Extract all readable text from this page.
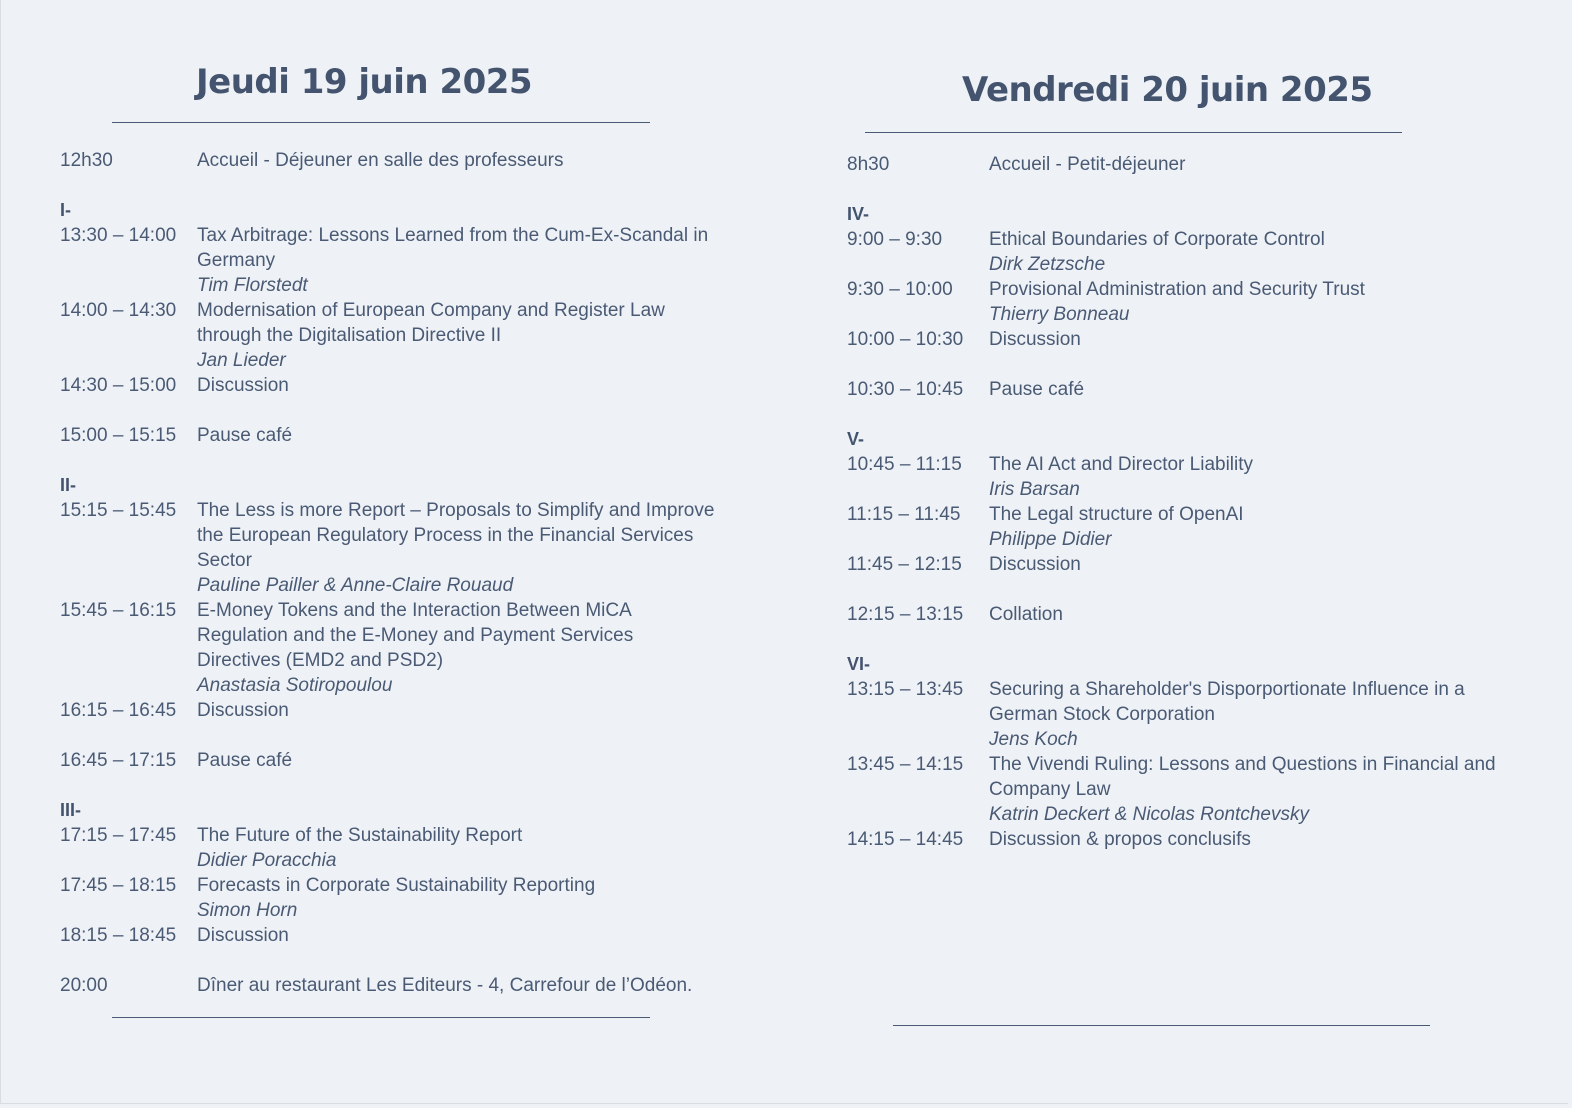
Jeudi 19 juin 2025
12h30	Accueil - Déjeuner en salle des professeurs
I-
13:30 – 14:00	Tax Arbitrage: Lessons Learned from the Cum-Ex-Scandal in Germany
Tim Florstedt
14:00 – 14:30	Modernisation of European Company and Register Law through the Digitalisation Directive II
Jan Lieder
14:30 – 15:00	Discussion
15:00 – 15:15	Pause café
II-
15:15 – 15:45	The Less is more Report – Proposals to Simplify and Improve the European Regulatory Process in the Financial Services Sector
Pauline Pailler & Anne-Claire Rouaud
15:45 – 16:15	E-Money Tokens and the Interaction Between MiCA Regulation and the E-Money and Payment Services Directives (EMD2 and PSD2)
Anastasia Sotiropoulou
16:15 – 16:45	Discussion
16:45 – 17:15	Pause café
III-
17:15 – 17:45	The Future of the Sustainability Report
Didier Poracchia
17:45 – 18:15	Forecasts in Corporate Sustainability Reporting
Simon Horn
18:15 – 18:45	Discussion
20:00	Dîner au restaurant Les Editeurs - 4, Carrefour de l’Odéon.
Vendredi 20 juin 2025
8h30	Accueil - Petit-déjeuner
IV-
9:00 – 9:30	Ethical Boundaries of Corporate Control
Dirk Zetzsche
9:30 – 10:00	Provisional Administration and Security Trust
Thierry Bonneau
10:00 – 10:30	Discussion
10:30 – 10:45	Pause café
V-
10:45 – 11:15	The AI Act and Director Liability
Iris Barsan
11:15 – 11:45	The Legal structure of OpenAI
Philippe Didier
11:45 – 12:15	Discussion
12:15 – 13:15	Collation
VI-
13:15 – 13:45	Securing a Shareholder's Disporportionate Influence in a German Stock Corporation
Jens Koch
13:45 – 14:15	The Vivendi Ruling: Lessons and Questions in Financial and Company Law
Katrin Deckert & Nicolas Rontchevsky
14:15 – 14:45	Discussion & propos conclusifs
